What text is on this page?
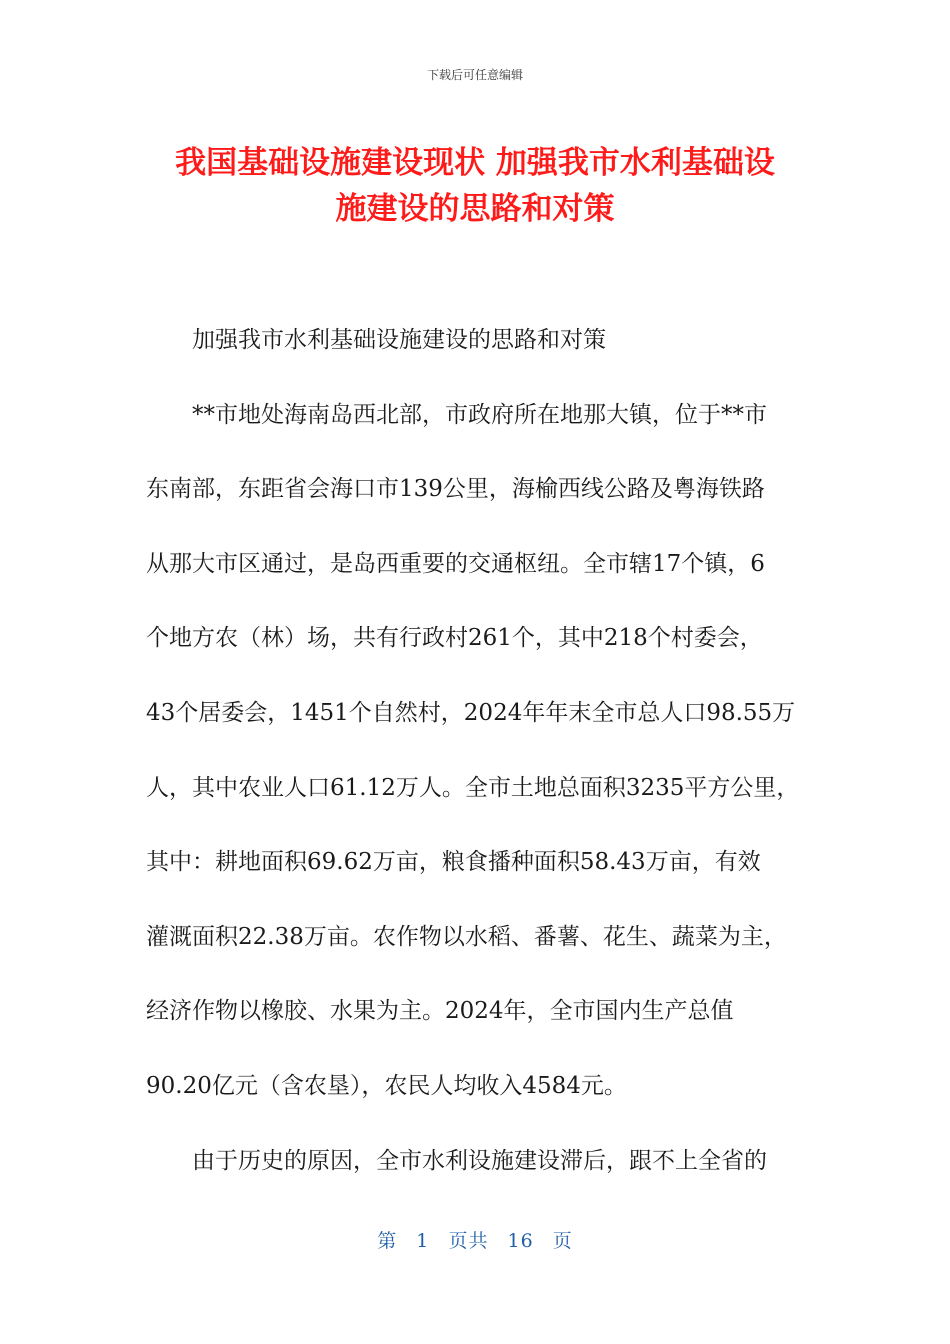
下载后可任意编辑
我国基础设施建设现状 加强我市水利基础设
施建设的思路和对策

加强我市水利基础设施建设的思路和对策

**市地处海南岛西北部，市政府所在地那大镇，位于**市
东南部，东距省会海口市139公里，海榆西线公路及粤海铁路
从那大市区通过，是岛西重要的交通枢纽。全市辖17个镇，6
个地方农（林）场，共有行政村261个，其中218个村委会，
43个居委会，1451个自然村，2024年年末全市总人口98.55万
人，其中农业人口61.12万人。全市土地总面积3235平方公里，
其中：耕地面积69.62万亩，粮食播种面积58.43万亩，有效
灌溉面积22.38万亩。农作物以水稻、番薯、花生、蔬菜为主，
经济作物以橡胶、水果为主。2024年，全市国内生产总值
90.20亿元（含农垦），农民人均收入4584元。

由于历史的原因，全市水利设施建设滞后，跟不上全省的

第 1 页共 16 页
